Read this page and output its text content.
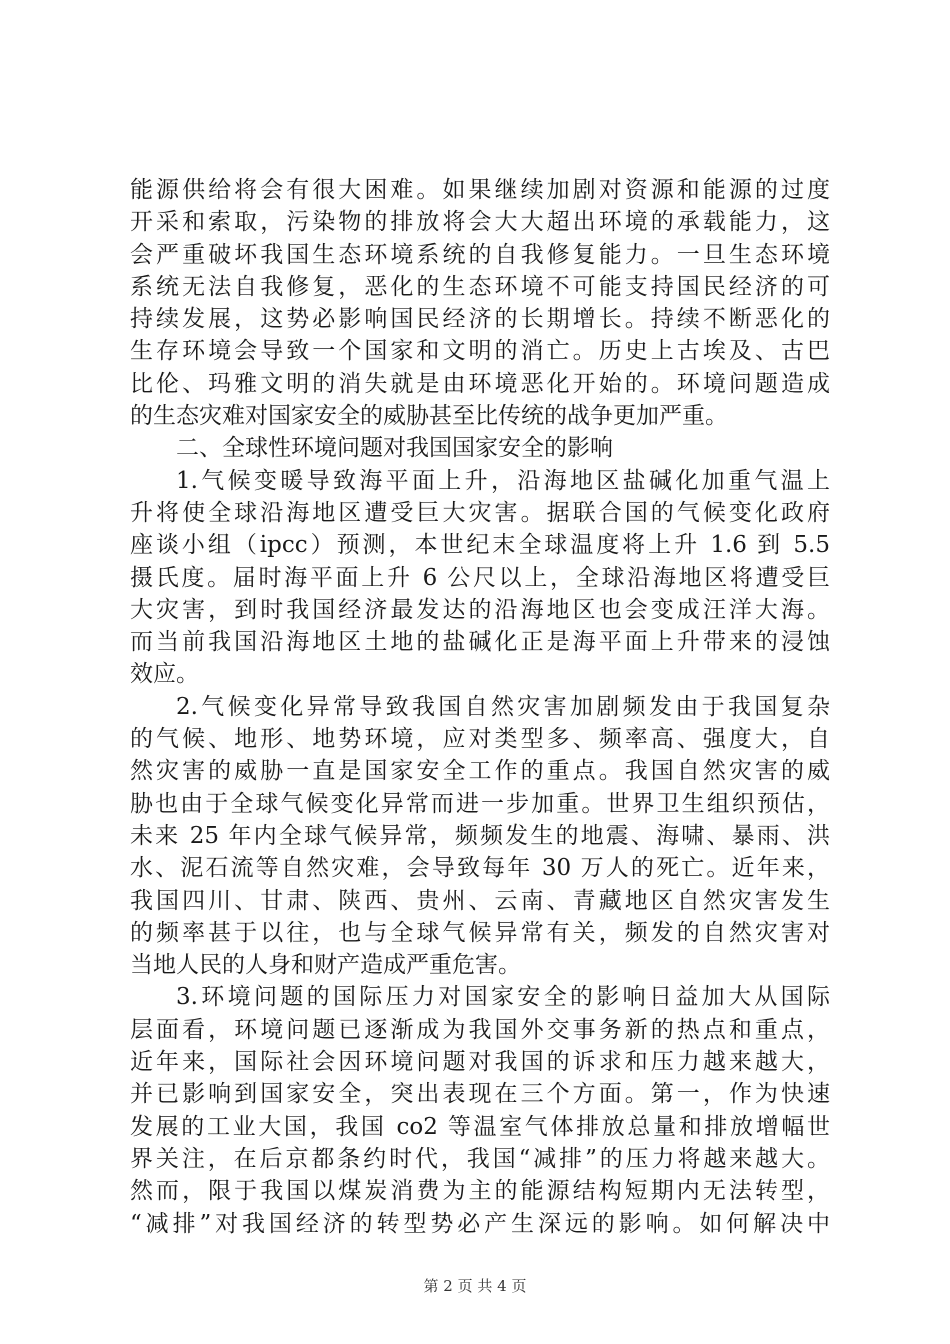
能源供给将会有很大困难。如果继续加剧对资源和能源的过度
开采和索取，污染物的排放将会大大超出环境的承载能力，这
会严重破坏我国生态环境系统的自我修复能力。一旦生态环境
系统无法自我修复，恶化的生态环境不可能支持国民经济的可
持续发展，这势必影响国民经济的长期增长。持续不断恶化的
生存环境会导致一个国家和文明的消亡。历史上古埃及、古巴
比伦、玛雅文明的消失就是由环境恶化开始的。环境问题造成
的生态灾难对国家安全的威胁甚至比传统的战争更加严重。
二、全球性环境问题对我国国家安全的影响
1.气候变暖导致海平面上升，沿海地区盐碱化加重气温上
升将使全球沿海地区遭受巨大灾害。据联合国的气候变化政府
座谈小组（ipcc）预测，本世纪末全球温度将上升 1.6 到 5.5
摄氏度。届时海平面上升 6 公尺以上，全球沿海地区将遭受巨
大灾害，到时我国经济最发达的沿海地区也会变成汪洋大海。
而当前我国沿海地区土地的盐碱化正是海平面上升带来的浸蚀
效应。
2.气候变化异常导致我国自然灾害加剧频发由于我国复杂
的气候、地形、地势环境，应对类型多、频率高、强度大，自
然灾害的威胁一直是国家安全工作的重点。我国自然灾害的威
胁也由于全球气候变化异常而进一步加重。世界卫生组织预估，
未来 25 年内全球气候异常，频频发生的地震、海啸、暴雨、洪
水、泥石流等自然灾难，会导致每年 30 万人的死亡。近年来，
我国四川、甘肃、陕西、贵州、云南、青藏地区自然灾害发生
的频率甚于以往，也与全球气候异常有关，频发的自然灾害对
当地人民的人身和财产造成严重危害。
3.环境问题的国际压力对国家安全的影响日益加大从国际
层面看，环境问题已逐渐成为我国外交事务新的热点和重点，
近年来，国际社会因环境问题对我国的诉求和压力越来越大，
并已影响到国家安全，突出表现在三个方面。第一，作为快速
发展的工业大国，我国 co2 等温室气体排放总量和排放增幅世
界关注，在后京都条约时代，我国“减排”的压力将越来越大。
然而，限于我国以煤炭消费为主的能源结构短期内无法转型，
“减排”对我国经济的转型势必产生深远的影响。如何解决中
第 2 页 共 4 页
